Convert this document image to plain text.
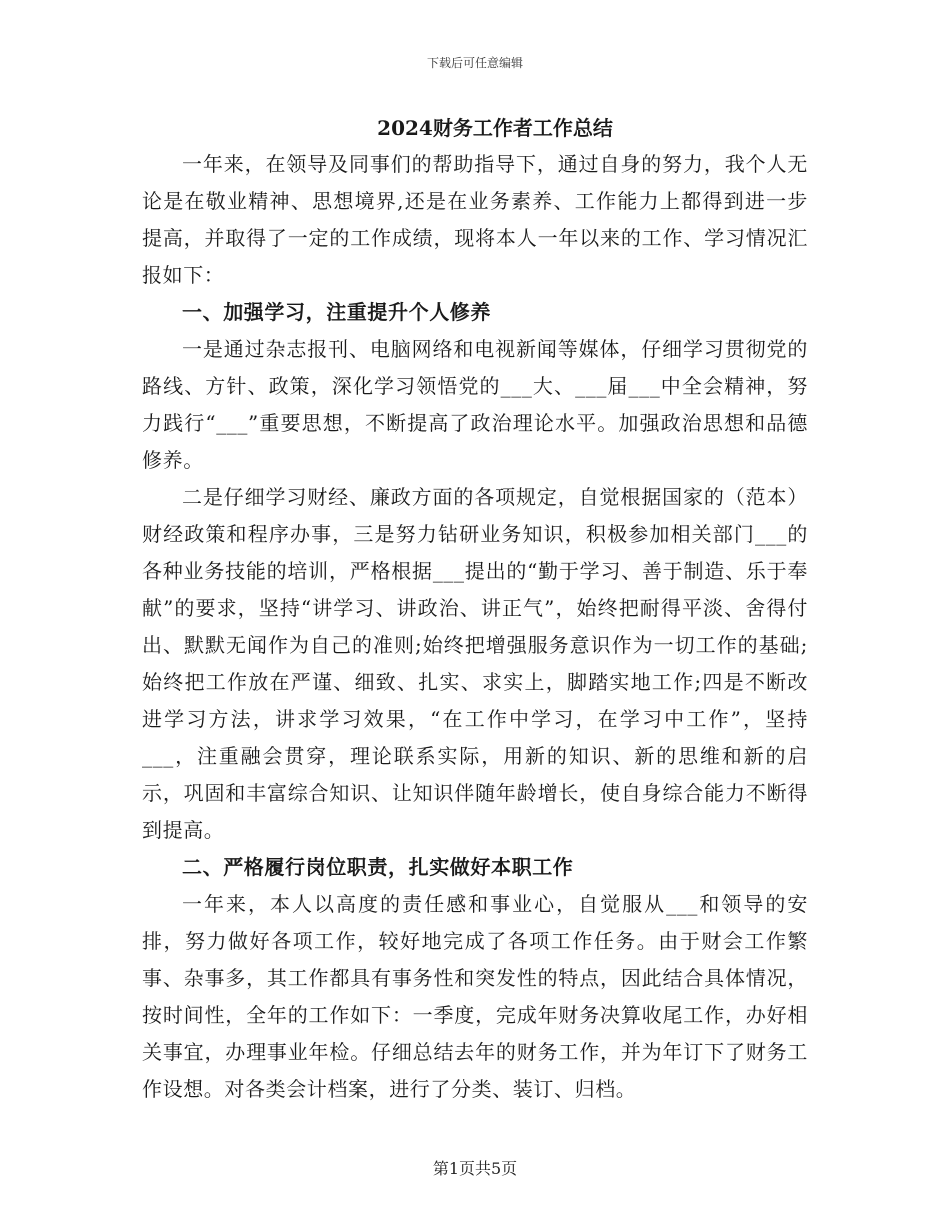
下载后可任意编辑
2024财务工作者工作总结

一年来，在领导及同事们的帮助指导下，通过自身的努力，我个人无论是在敬业精神、思想境界,还是在业务素养、工作能力上都得到进一步提高，并取得了一定的工作成绩，现将本人一年以来的工作、学习情况汇报如下：

一、加强学习，注重提升个人修养

一是通过杂志报刊、电脑网络和电视新闻等媒体，仔细学习贯彻党的路线、方针、政策，深化学习领悟党的___大、___届___中全会精神，努力践行“___”重要思想，不断提高了政治理论水平。加强政治思想和品德修养。

二是仔细学习财经、廉政方面的各项规定，自觉根据国家的（范本）财经政策和程序办事，三是努力钻研业务知识，积极参加相关部门___的各种业务技能的培训，严格根据___提出的“勤于学习、善于制造、乐于奉献”的要求，坚持“讲学习、讲政治、讲正气”，始终把耐得平淡、舍得付出、默默无闻作为自己的准则;始终把增强服务意识作为一切工作的基础;始终把工作放在严谨、细致、扎实、求实上，脚踏实地工作;四是不断改进学习方法，讲求学习效果，“在工作中学习，在学习中工作”，坚持___，注重融会贯穿，理论联系实际，用新的知识、新的思维和新的启示，巩固和丰富综合知识、让知识伴随年龄增长，使自身综合能力不断得到提高。

二、严格履行岗位职责，扎实做好本职工作

一年来，本人以高度的责任感和事业心，自觉服从___和领导的安排，努力做好各项工作，较好地完成了各项工作任务。由于财会工作繁事、杂事多，其工作都具有事务性和突发性的特点，因此结合具体情况，按时间性，全年的工作如下：一季度，完成年财务决算收尾工作，办好相关事宜，办理事业年检。仔细总结去年的财务工作，并为年订下了财务工作设想。对各类会计档案，进行了分类、装订、归档。

第1页共5页
